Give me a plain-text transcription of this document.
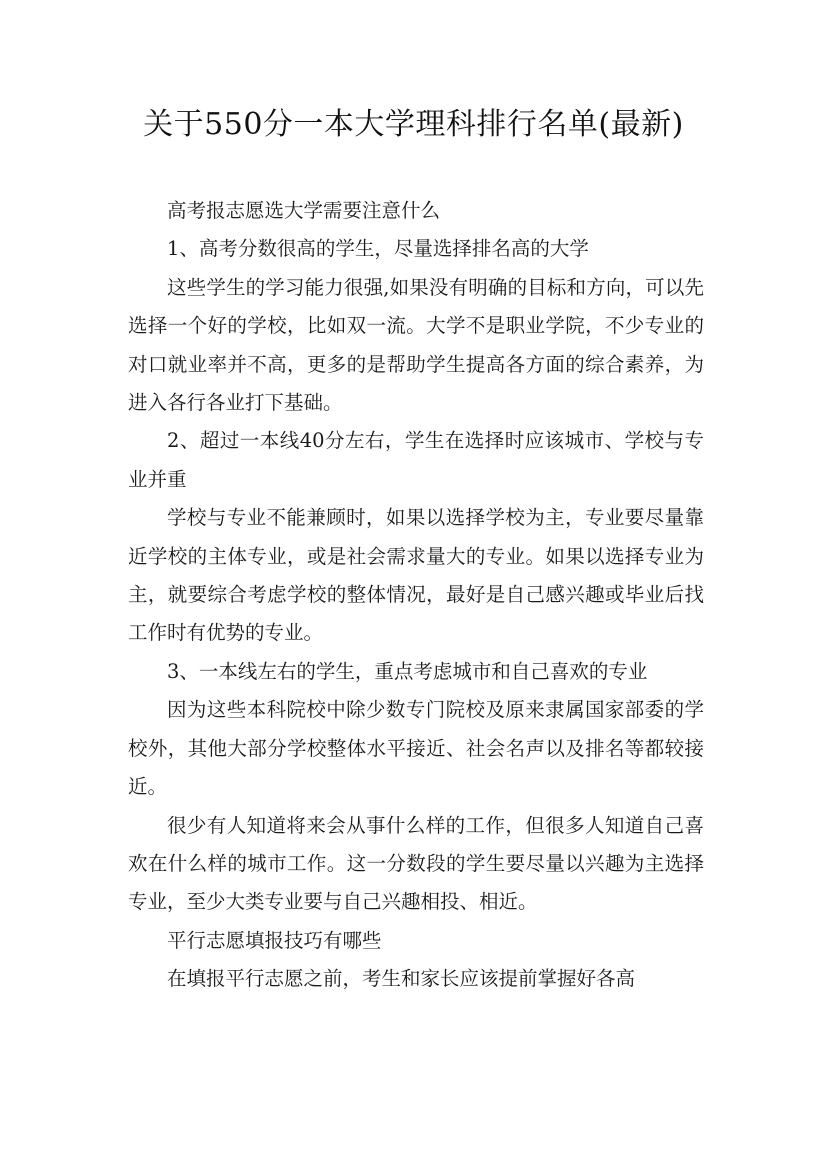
关于550分一本大学理科排行名单(最新)

高考报志愿选大学需要注意什么

1、高考分数很高的学生，尽量选择排名高的大学

这些学生的学习能力很强,如果没有明确的目标和方向，可以先选择一个好的学校，比如双一流。大学不是职业学院，不少专业的对口就业率并不高，更多的是帮助学生提高各方面的综合素养，为进入各行各业打下基础。

2、超过一本线40分左右，学生在选择时应该城市、学校与专业并重

学校与专业不能兼顾时，如果以选择学校为主，专业要尽量靠近学校的主体专业，或是社会需求量大的专业。如果以选择专业为主，就要综合考虑学校的整体情况，最好是自己感兴趣或毕业后找工作时有优势的专业。

3、一本线左右的学生，重点考虑城市和自己喜欢的专业

因为这些本科院校中除少数专门院校及原来隶属国家部委的学校外，其他大部分学校整体水平接近、社会名声以及排名等都较接近。

很少有人知道将来会从事什么样的工作，但很多人知道自己喜欢在什么样的城市工作。这一分数段的学生要尽量以兴趣为主选择专业，至少大类专业要与自己兴趣相投、相近。

平行志愿填报技巧有哪些

在填报平行志愿之前，考生和家长应该提前掌握好各高
